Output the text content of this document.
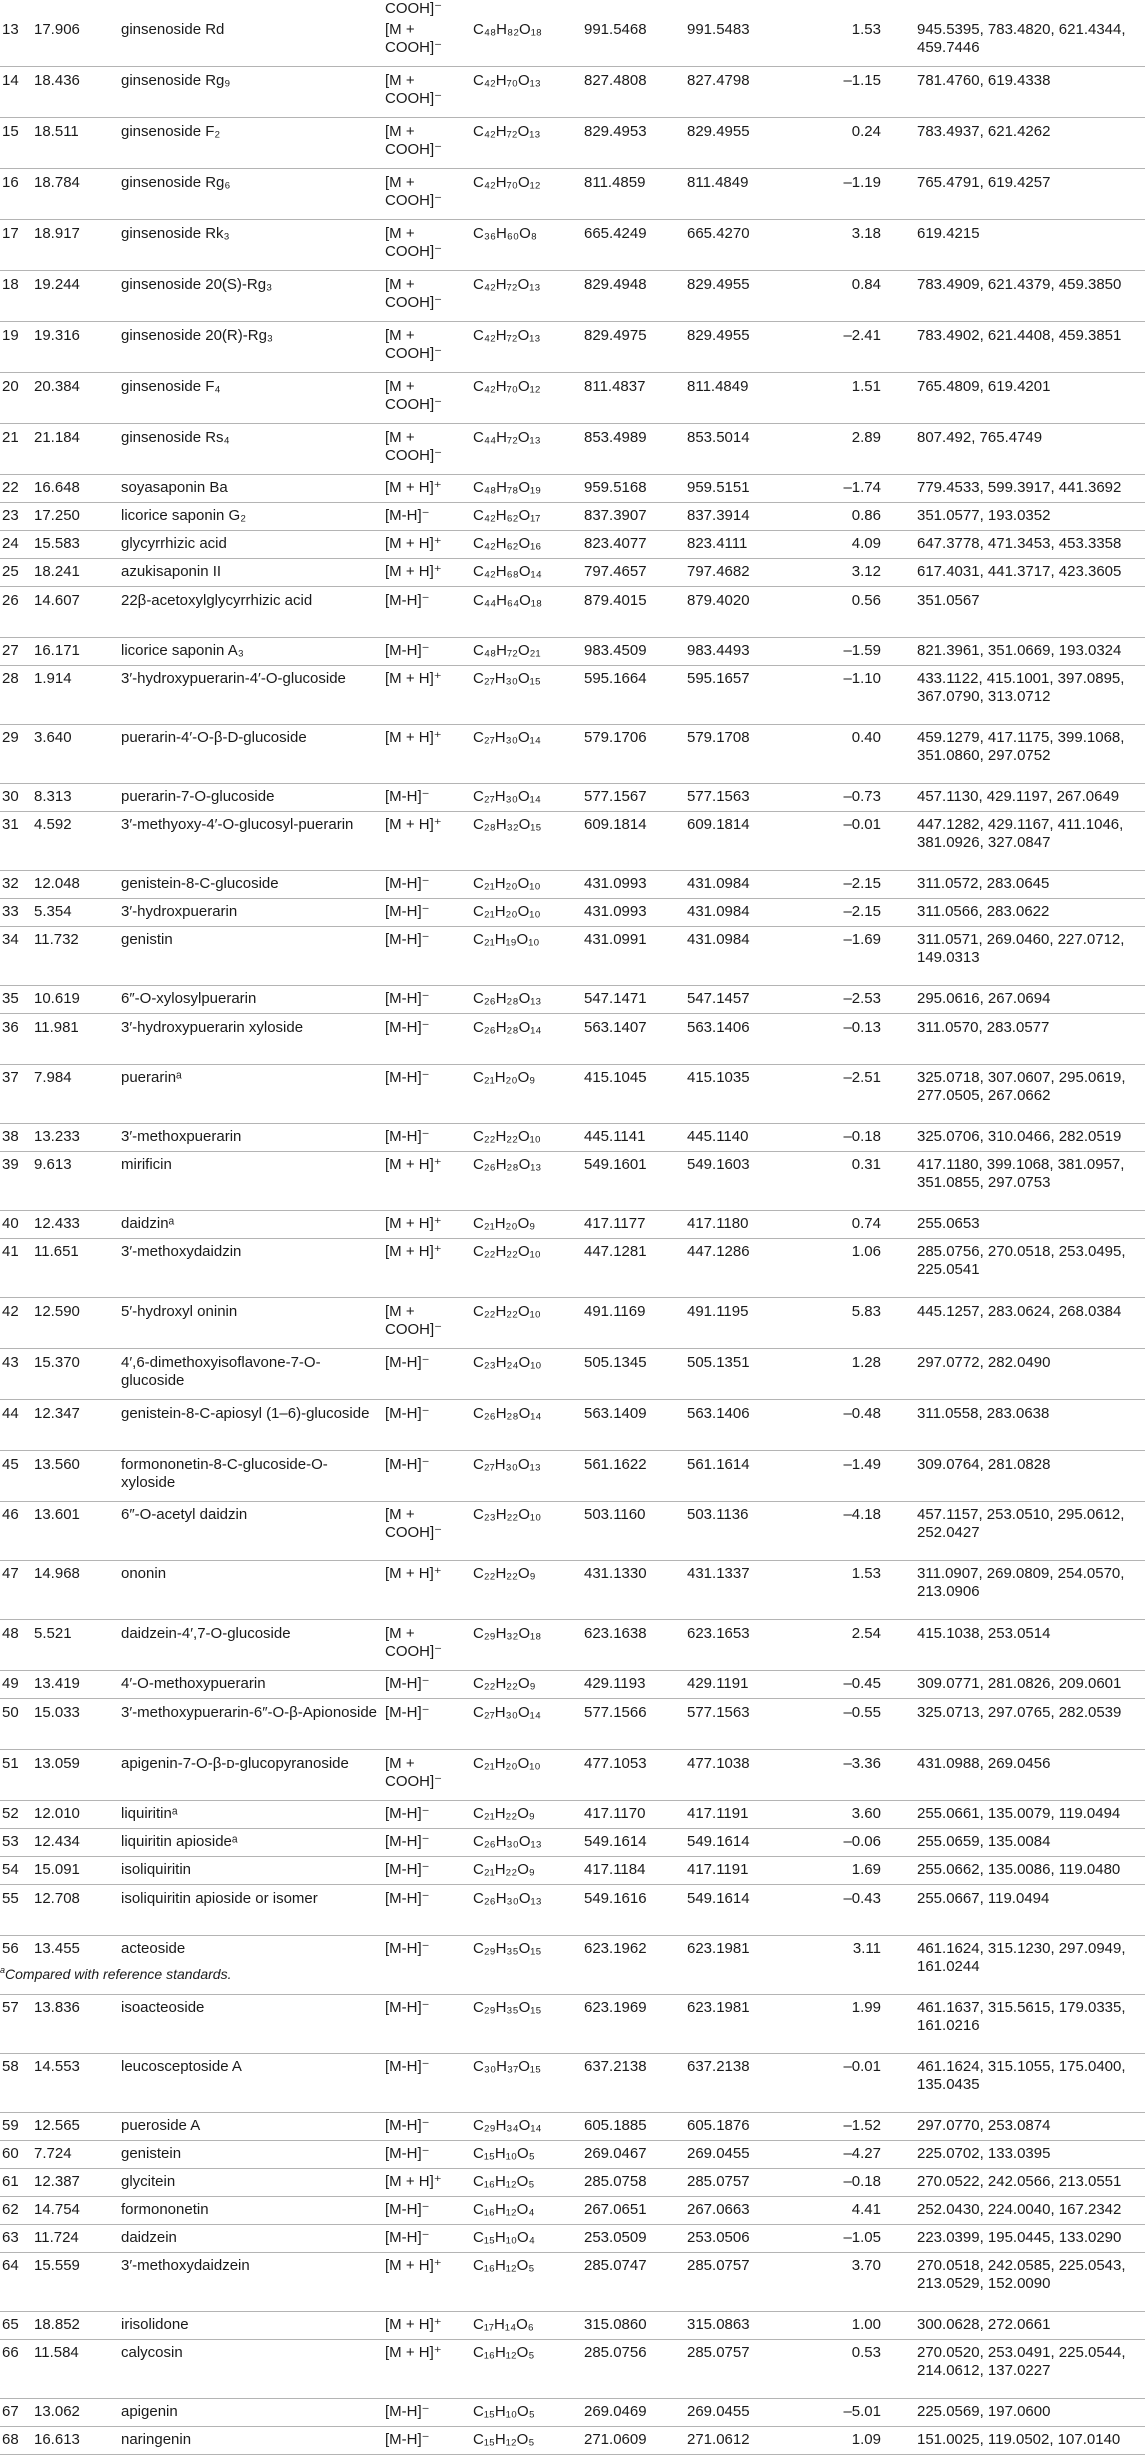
COOH]⁻
13	17.906	ginsenoside Rd	[M + COOH]⁻	C₄₈H₈₂O₁₈	991.5468	991.5483	1.53	945.5395, 783.4820, 621.4344, 459.7446
14	18.436	ginsenoside Rg₉	[M + COOH]⁻	C₄₂H₇₀O₁₃	827.4808	827.4798	–1.15	781.4760, 619.4338
15	18.511	ginsenoside F₂	[M + COOH]⁻	C₄₂H₇₂O₁₃	829.4953	829.4955	0.24	783.4937, 621.4262
16	18.784	ginsenoside Rg₆	[M + COOH]⁻	C₄₂H₇₀O₁₂	811.4859	811.4849	–1.19	765.4791, 619.4257
17	18.917	ginsenoside Rk₃	[M + COOH]⁻	C₃₆H₆₀O₈	665.4249	665.4270	3.18	619.4215
18	19.244	ginsenoside 20(S)-Rg₃	[M + COOH]⁻	C₄₂H₇₂O₁₃	829.4948	829.4955	0.84	783.4909, 621.4379, 459.3850
19	19.316	ginsenoside 20(R)-Rg₃	[M + COOH]⁻	C₄₂H₇₂O₁₃	829.4975	829.4955	–2.41	783.4902, 621.4408, 459.3851
20	20.384	ginsenoside F₄	[M + COOH]⁻	C₄₂H₇₀O₁₂	811.4837	811.4849	1.51	765.4809, 619.4201
21	21.184	ginsenoside Rs₄	[M + COOH]⁻	C₄₄H₇₂O₁₃	853.4989	853.5014	2.89	807.492, 765.4749
22	16.648	soyasaponin Ba	[M + H]⁺	C₄₈H₇₈O₁₉	959.5168	959.5151	–1.74	779.4533, 599.3917, 441.3692
23	17.250	licorice saponin G₂	[M-H]⁻	C₄₂H₆₂O₁₇	837.3907	837.3914	0.86	351.0577, 193.0352
24	15.583	glycyrrhizic acid	[M + H]⁺	C₄₂H₆₂O₁₆	823.4077	823.4111	4.09	647.3778, 471.3453, 453.3358
25	18.241	azukisaponin II	[M + H]⁺	C₄₂H₆₈O₁₄	797.4657	797.4682	3.12	617.4031, 441.3717, 423.3605
26	14.607	22β-acetoxylglycyrrhizic acid	[M-H]⁻	C₄₄H₆₄O₁₈	879.4015	879.4020	0.56	351.0567
27	16.171	licorice saponin A₃	[M-H]⁻	C₄₈H₇₂O₂₁	983.4509	983.4493	–1.59	821.3961, 351.0669, 193.0324
28	1.914	3′-hydroxypuerarin-4′-O-glucoside	[M + H]⁺	C₂₇H₃₀O₁₅	595.1664	595.1657	–1.10	433.1122, 415.1001, 397.0895, 367.0790, 313.0712
29	3.640	puerarin-4′-O-β-D-glucoside	[M + H]⁺	C₂₇H₃₀O₁₄	579.1706	579.1708	0.40	459.1279, 417.1175, 399.1068, 351.0860, 297.0752
30	8.313	puerarin-7-O-glucoside	[M-H]⁻	C₂₇H₃₀O₁₄	577.1567	577.1563	–0.73	457.1130, 429.1197, 267.0649
31	4.592	3′-methyoxy-4′-O-glucosyl-puerarin	[M + H]⁺	C₂₈H₃₂O₁₅	609.1814	609.1814	–0.01	447.1282, 429.1167, 411.1046, 381.0926, 327.0847
32	12.048	genistein-8-C-glucoside	[M-H]⁻	C₂₁H₂₀O₁₀	431.0993	431.0984	–2.15	311.0572, 283.0645
33	5.354	3′-hydroxpuerarin	[M-H]⁻	C₂₁H₂₀O₁₀	431.0993	431.0984	–2.15	311.0566, 283.0622
34	11.732	genistin	[M-H]⁻	C₂₁H₁₉O₁₀	431.0991	431.0984	–1.69	311.0571, 269.0460, 227.0712, 149.0313
35	10.619	6″-O-xylosylpuerarin	[M-H]⁻	C₂₆H₂₈O₁₃	547.1471	547.1457	–2.53	295.0616, 267.0694
36	11.981	3′-hydroxypuerarin xyloside	[M-H]⁻	C₂₆H₂₈O₁₄	563.1407	563.1406	–0.13	311.0570, 283.0577
37	7.984	puerarinᵃ	[M-H]⁻	C₂₁H₂₀O₉	415.1045	415.1035	–2.51	325.0718, 307.0607, 295.0619, 277.0505, 267.0662
38	13.233	3′-methoxpuerarin	[M-H]⁻	C₂₂H₂₂O₁₀	445.1141	445.1140	–0.18	325.0706, 310.0466, 282.0519
39	9.613	mirificin	[M + H]⁺	C₂₆H₂₈O₁₃	549.1601	549.1603	0.31	417.1180, 399.1068, 381.0957, 351.0855, 297.0753
40	12.433	daidzinᵃ	[M + H]⁺	C₂₁H₂₀O₉	417.1177	417.1180	0.74	255.0653
41	11.651	3′-methoxydaidzin	[M + H]⁺	C₂₂H₂₂O₁₀	447.1281	447.1286	1.06	285.0756, 270.0518, 253.0495, 225.0541
42	12.590	5′-hydroxyl oninin	[M + COOH]⁻	C₂₂H₂₂O₁₀	491.1169	491.1195	5.83	445.1257, 283.0624, 268.0384
43	15.370	4′,6-dimethoxyisoflavone-7-O-glucoside	[M-H]⁻	C₂₃H₂₄O₁₀	505.1345	505.1351	1.28	297.0772, 282.0490
44	12.347	genistein-8-C-apiosyl (1–6)-glucoside	[M-H]⁻	C₂₆H₂₈O₁₄	563.1409	563.1406	–0.48	311.0558, 283.0638
45	13.560	formononetin-8-C-glucoside-O-xyloside	[M-H]⁻	C₂₇H₃₀O₁₃	561.1622	561.1614	–1.49	309.0764, 281.0828
46	13.601	6″-O-acetyl daidzin	[M + COOH]⁻	C₂₃H₂₂O₁₀	503.1160	503.1136	–4.18	457.1157, 253.0510, 295.0612, 252.0427
47	14.968	ononin	[M + H]⁺	C₂₂H₂₂O₉	431.1330	431.1337	1.53	311.0907, 269.0809, 254.0570, 213.0906
48	5.521	daidzein-4′,7-O-glucoside	[M + COOH]⁻	C₂₉H₃₂O₁₈	623.1638	623.1653	2.54	415.1038, 253.0514
49	13.419	4′-O-methoxypuerarin	[M-H]⁻	C₂₂H₂₂O₉	429.1193	429.1191	–0.45	309.0771, 281.0826, 209.0601
50	15.033	3′-methoxypuerarin-6″-O-β-Apionoside	[M-H]⁻	C₂₇H₃₀O₁₄	577.1566	577.1563	–0.55	325.0713, 297.0765, 282.0539
51	13.059	apigenin-7-O-β-ᴅ-glucopyranoside	[M + COOH]⁻	C₂₁H₂₀O₁₀	477.1053	477.1038	–3.36	431.0988, 269.0456
52	12.010	liquiritinᵃ	[M-H]⁻	C₂₁H₂₂O₉	417.1170	417.1191	3.60	255.0661, 135.0079, 119.0494
53	12.434	liquiritin apiosideᵃ	[M-H]⁻	C₂₆H₃₀O₁₃	549.1614	549.1614	–0.06	255.0659, 135.0084
54	15.091	isoliquiritin	[M-H]⁻	C₂₁H₂₂O₉	417.1184	417.1191	1.69	255.0662, 135.0086, 119.0480
55	12.708	isoliquiritin apioside or isomer	[M-H]⁻	C₂₆H₃₀O₁₃	549.1616	549.1614	–0.43	255.0667, 119.0494
56	13.455	acteoside	[M-H]⁻	C₂₉H₃₅O₁₅	623.1962	623.1981	3.11	461.1624, 315.1230, 297.0949, 161.0244
57	13.836	isoacteoside	[M-H]⁻	C₂₉H₃₅O₁₅	623.1969	623.1981	1.99	461.1637, 315.5615, 179.0335, 161.0216
58	14.553	leucosceptoside A	[M-H]⁻	C₃₀H₃₇O₁₅	637.2138	637.2138	–0.01	461.1624, 315.1055, 175.0400, 135.0435
59	12.565	pueroside A	[M-H]⁻	C₂₉H₃₄O₁₄	605.1885	605.1876	–1.52	297.0770, 253.0874
60	7.724	genistein	[M-H]⁻	C₁₅H₁₀O₅	269.0467	269.0455	–4.27	225.0702, 133.0395
61	12.387	glycitein	[M + H]⁺	C₁₆H₁₂O₅	285.0758	285.0757	–0.18	270.0522, 242.0566, 213.0551
62	14.754	formononetin	[M-H]⁻	C₁₆H₁₂O₄	267.0651	267.0663	4.41	252.0430, 224.0040, 167.2342
63	11.724	daidzein	[M-H]⁻	C₁₅H₁₀O₄	253.0509	253.0506	–1.05	223.0399, 195.0445, 133.0290
64	15.559	3′-methoxydaidzein	[M + H]⁺	C₁₆H₁₂O₅	285.0747	285.0757	3.70	270.0518, 242.0585, 225.0543, 213.0529, 152.0090
65	18.852	irisolidone	[M + H]⁺	C₁₇H₁₄O₆	315.0860	315.0863	1.00	300.0628, 272.0661
66	11.584	calycosin	[M + H]⁺	C₁₆H₁₂O₅	285.0756	285.0757	0.53	270.0520, 253.0491, 225.0544, 214.0612, 137.0227
67	13.062	apigenin	[M-H]⁻	C₁₅H₁₀O₅	269.0469	269.0455	–5.01	225.0569, 197.0600
68	16.613	naringenin	[M-H]⁻	C₁₅H₁₂O₅	271.0609	271.0612	1.09	151.0025, 119.0502, 107.0140
$^a$Compared with reference standards.
